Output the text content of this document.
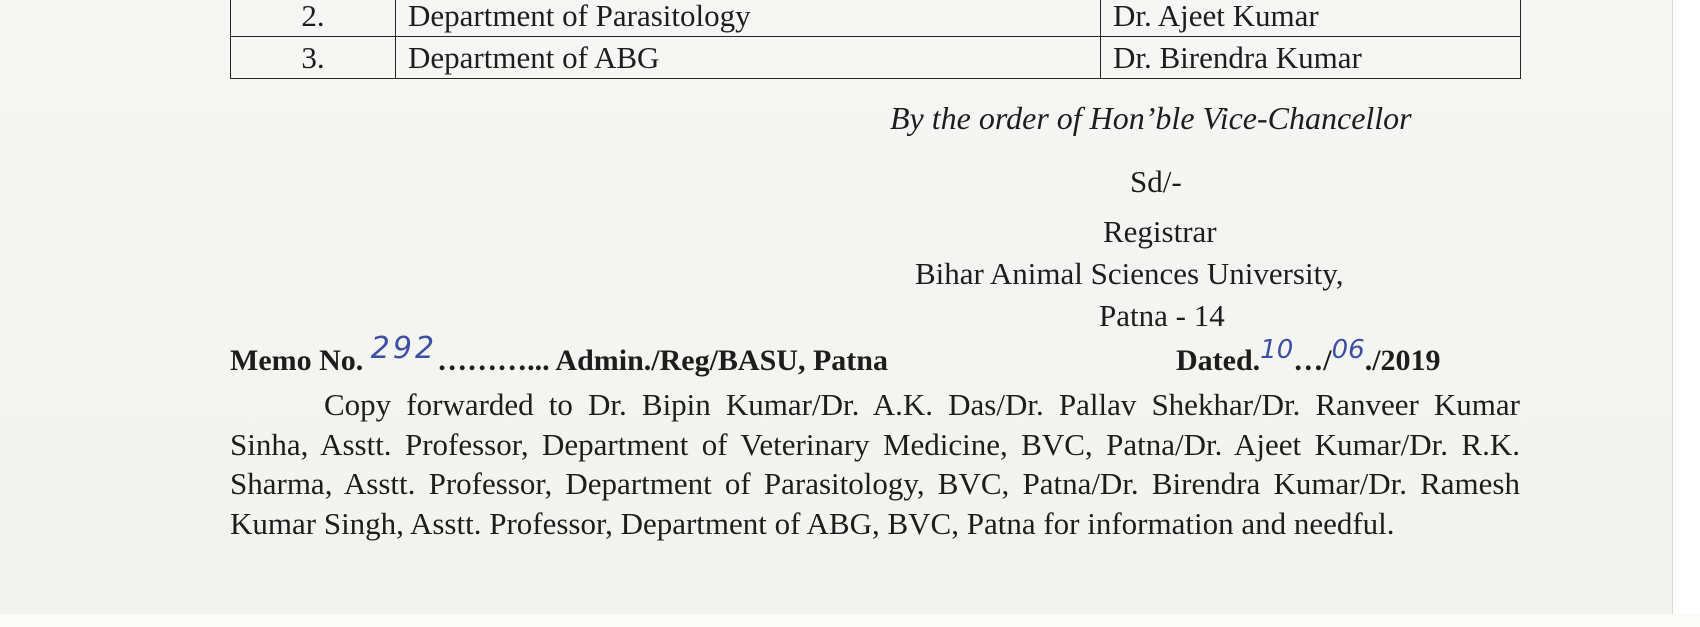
2.	Department of Parasitology	Dr. Ajeet Kumar
3.	Department of ABG	Dr. Birendra Kumar
By the order of Hon’ble Vice-Chancellor
Sd/-
Registrar
Bihar Animal Sciences University,
Patna - 14
Memo No. 292………... Admin./Reg/BASU, Patna	Dated.10…/06./2019
Copy forwarded to Dr. Bipin Kumar/Dr. A.K. Das/Dr. Pallav Shekhar/Dr. Ranveer Kumar Sinha, Asstt. Professor, Department of Veterinary Medicine, BVC, Patna/Dr. Ajeet Kumar/Dr. R.K. Sharma, Asstt. Professor, Department of Parasitology, BVC, Patna/Dr. Birendra Kumar/Dr. Ramesh Kumar Singh, Asstt. Professor, Department of ABG, BVC, Patna for information and needful.
